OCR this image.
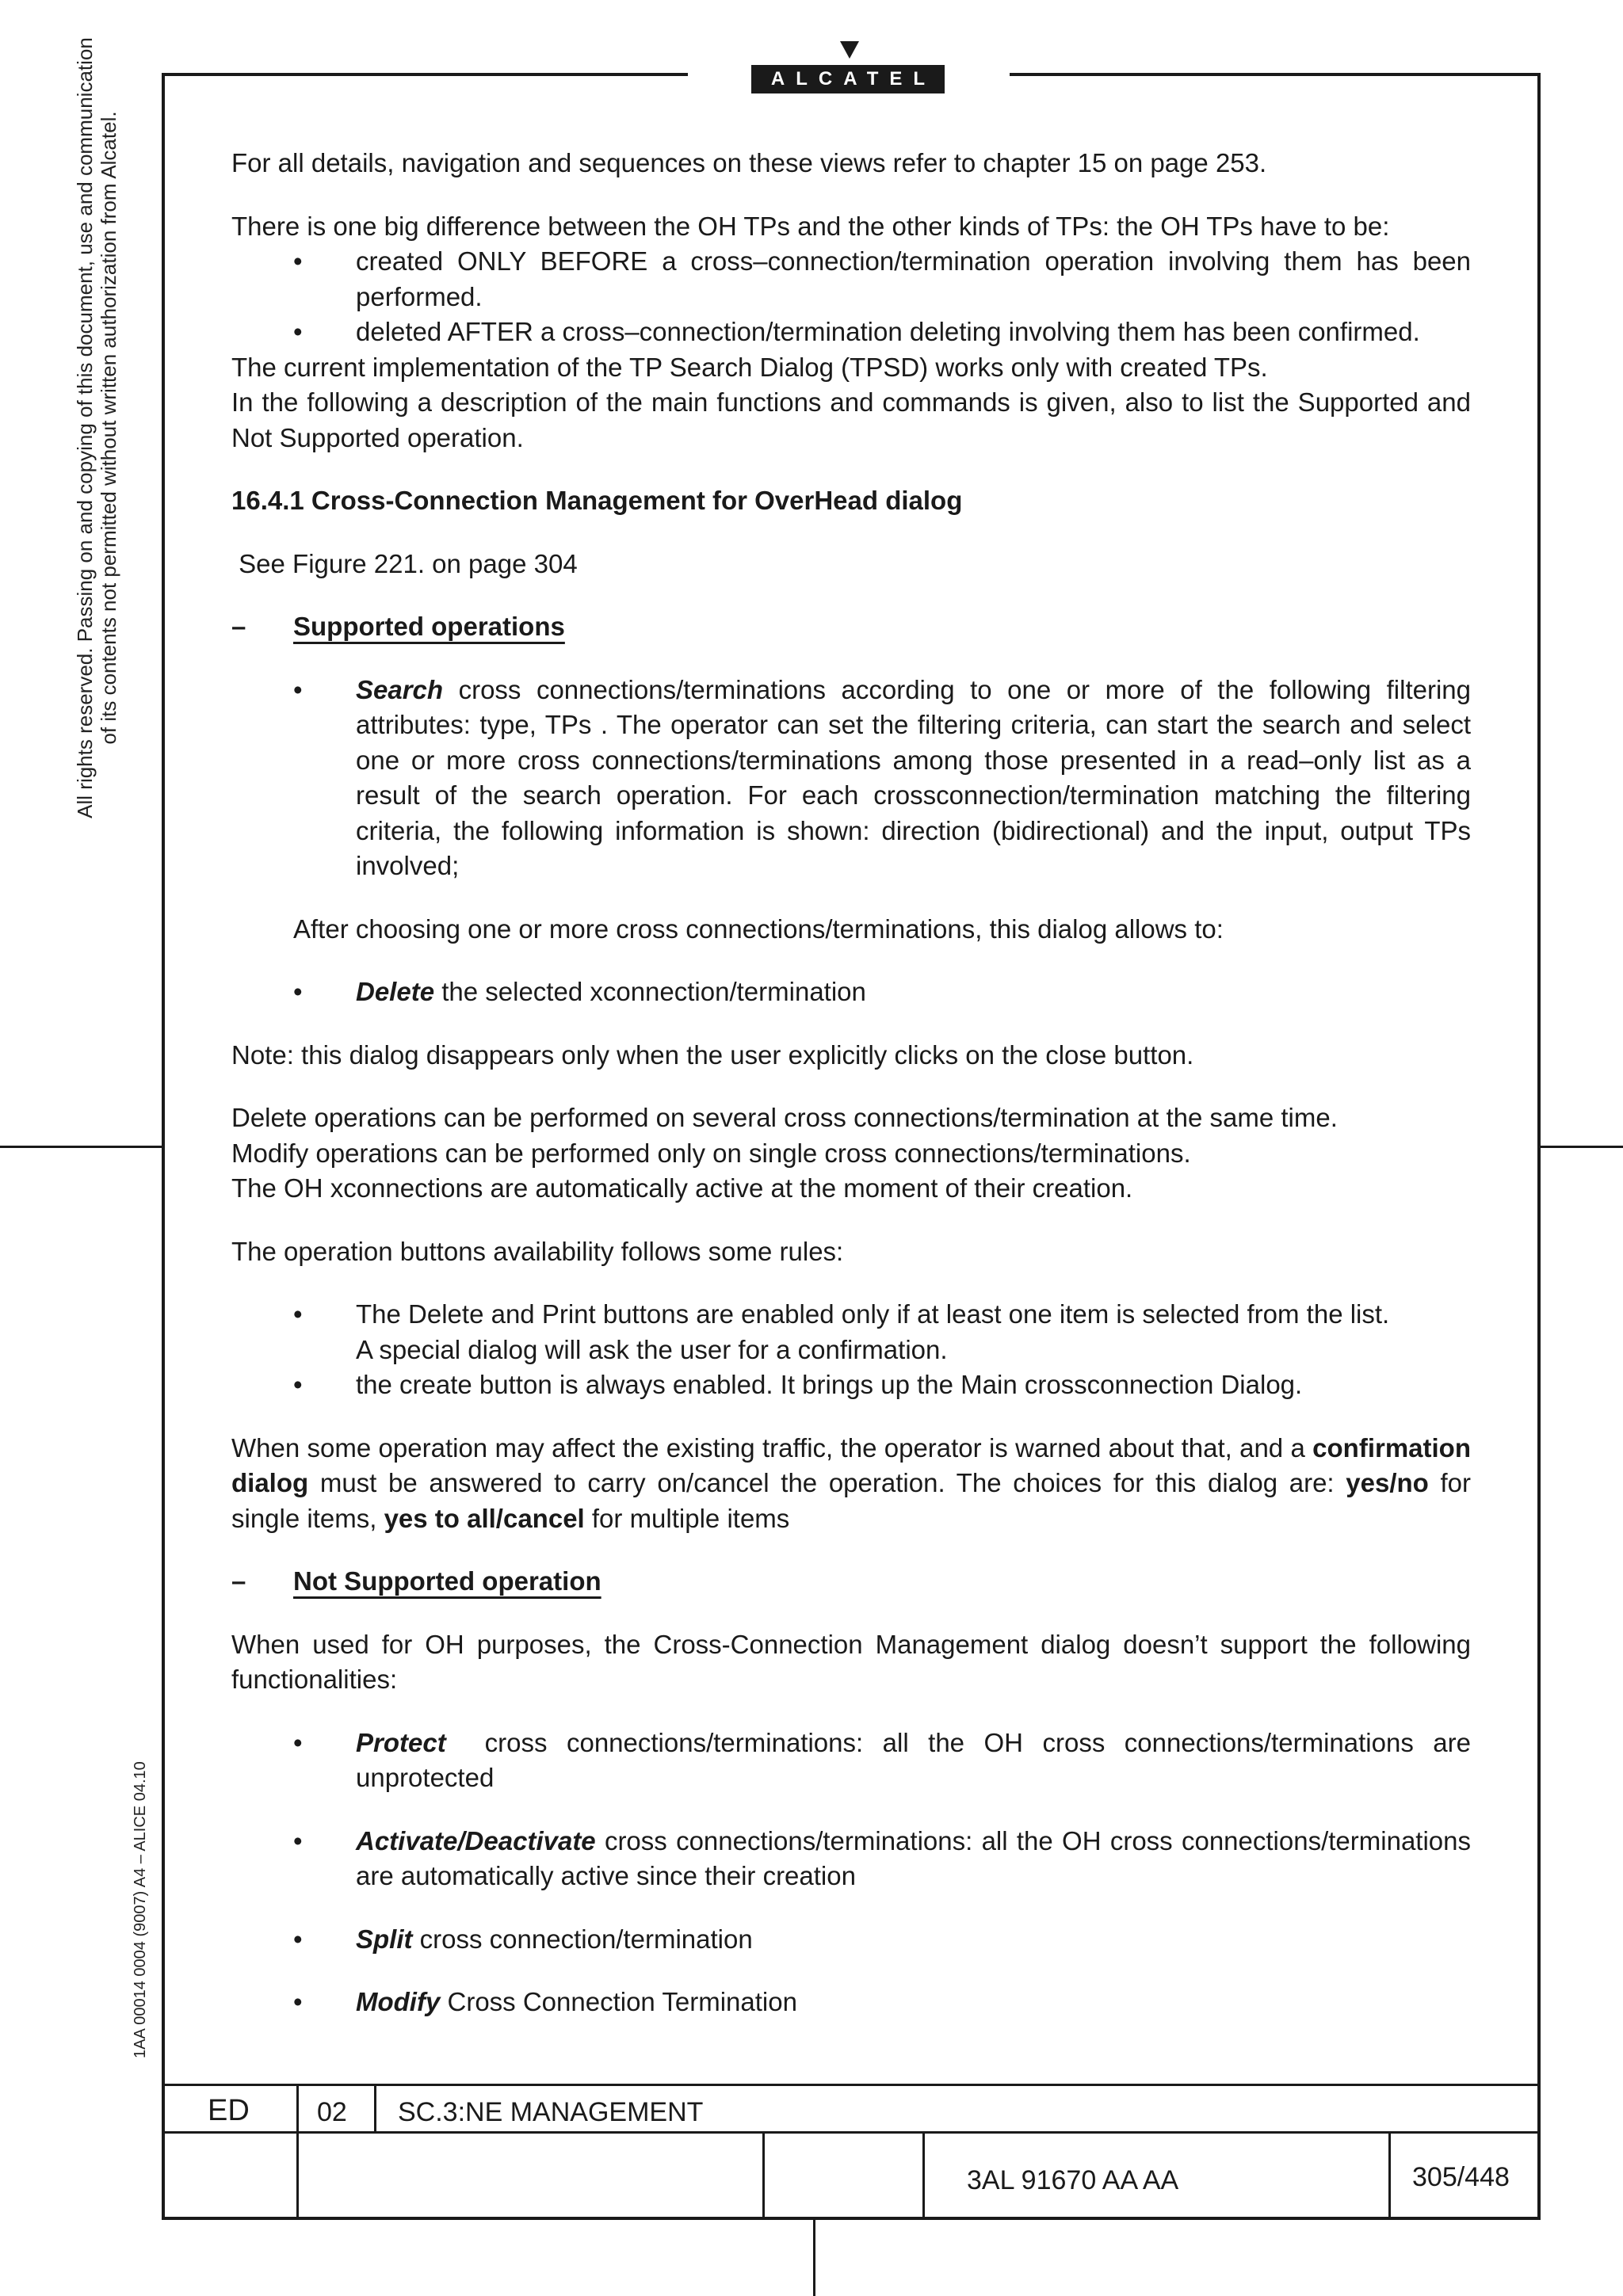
ALCATEL
All rights reserved. Passing on and copying of this document, use and communication of its contents not permitted without written authorization from Alcatel.
1AA 00014 0004 (9007) A4 – ALICE 04.10

For all details, navigation and sequences on these views refer to chapter 15 on page 253.

There is one big difference between the OH TPs and the other kinds of TPs: the OH TPs have to be:

• created ONLY BEFORE a cross–connection/termination operation involving them has been performed.
• deleted AFTER a cross–connection/termination deleting involving them has been confirmed.

The current implementation of the TP Search Dialog (TPSD) works only with created TPs.

In the following a description of the main functions and commands is given, also to list the Supported and Not Supported operation.

16.4.1 Cross-Connection Management for OverHead dialog

See Figure 221. on page 304

– Supported operations
• Search cross connections/terminations according to one or more of the following filtering attributes: type, TPs . The operator can set the filtering criteria, can start the search and select one or more cross connections/terminations among those presented in a read–only list as a result of the search operation. For each crossconnection/termination matching the filtering criteria, the following information is shown: direction (bidirectional) and the input, output TPs involved;

After choosing one or more cross connections/terminations, this dialog allows to:

• Delete the selected xconnection/termination

Note: this dialog disappears only when the user explicitly clicks on the close button.

Delete operations can be performed on several cross connections/termination at the same time.

Modify operations can be performed only on single cross connections/terminations.

The OH xconnections are automatically active at the moment of their creation.

The operation buttons availability follows some rules:

• The Delete and Print buttons are enabled only if at least one item is selected from the list.
A special dialog will ask the user for a confirmation.
• the create button is always enabled. It brings up the Main crossconnection Dialog.

When some operation may affect the existing traffic, the operator is warned about that, and a confirmation dialog must be answered to carry on/cancel the operation. The choices for this dialog are: yes/no for single items, yes to all/cancel for multiple items

– Not Supported operation

When used for OH purposes, the Cross-Connection Management dialog doesn’t support the following functionalities:

• Protect  cross connections/terminations: all the OH cross connections/terminations are unprotected
• Activate/Deactivate cross connections/terminations: all the OH cross connections/terminations are automatically active since their creation
• Split cross connection/termination
• Modify Cross Connection Termination
ED	02 SC.3:NE MANAGEMENT
3AL 91670 AA AA	305/448
